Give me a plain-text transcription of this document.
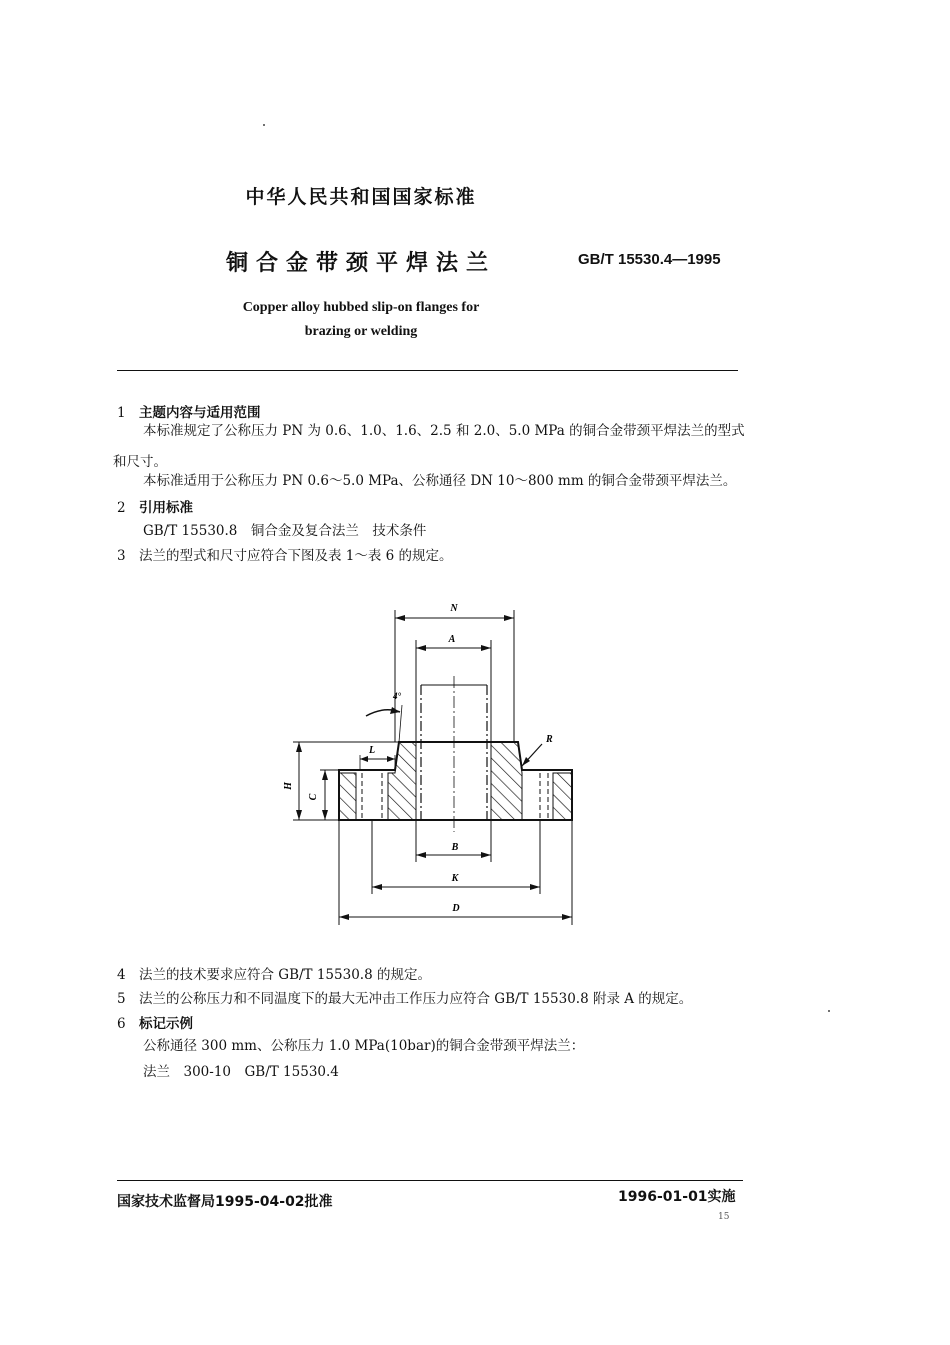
中华人民共和国国家标准
铜合金带颈平焊法兰	GB/T 15530.4—1995
Copper alloy hubbed slip-on flanges for
brazing or welding
1 主题内容与适用范围
本标准规定了公称压力 PN 为 0.6、1.0、1.6、2.5 和 2.0、5.0 MPa 的铜合金带颈平焊法兰的型式
和尺寸。
本标准适用于公称压力 PN 0.6～5.0 MPa、公称通径 DN 10～800 mm 的铜合金带颈平焊法兰。
2 引用标准
GB/T 15530.8　铜合金及复合法兰　技术条件
3 法兰的型式和尺寸应符合下图及表 1～表 6 的规定。
N
A
4°
R
L
H
C
B
K
D
4 法兰的技术要求应符合 GB/T 15530.8 的规定。
5 法兰的公称压力和不同温度下的最大无冲击工作压力应符合 GB/T 15530.8 附录 A 的规定。
6 标记示例
公称通径 300 mm、公称压力 1.0 MPa(10bar)的铜合金带颈平焊法兰：
法兰　300-10　GB/T 15530.4
国家技术监督局1995-04-02批准	1996-01-01实施
15
